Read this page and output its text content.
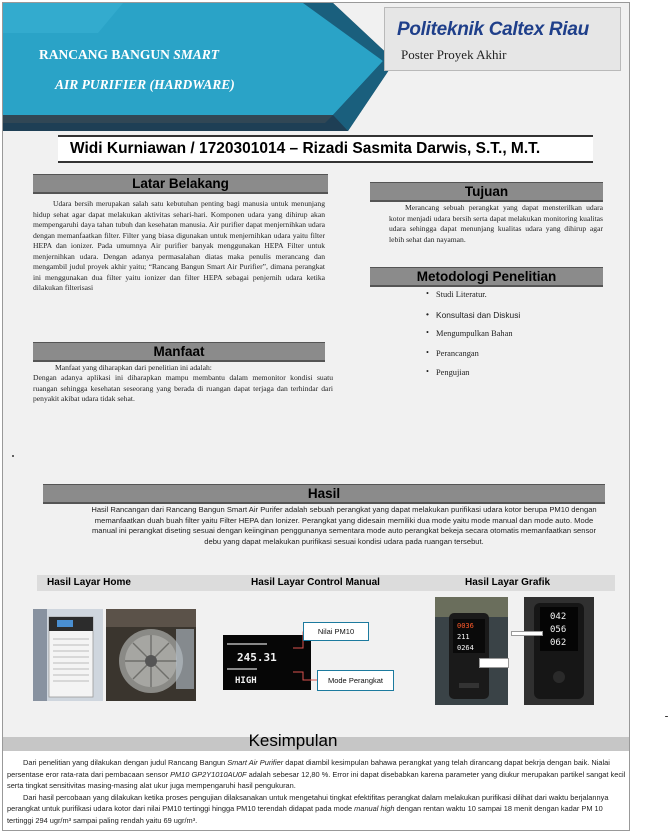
RANCANG BANGUN SMART
AIR PURIFIER (HARDWARE)
Politeknik Caltex Riau
Poster Proyek Akhir
Widi Kurniawan / 1720301014 – Rizadi Sasmita Darwis, S.T., M.T.
Latar Belakang
Udara bersih merupakan salah satu kebutuhan penting bagi manusia untuk menunjang hidup sehat agar dapat melakukan aktivitas sehari-hari. Komponen udara yang dihirup akan mempengaruhi daya tahan tubuh dan kesehatan manusia. Air purifier dapat menjernihkan udara dengan memanfaatkan filter. Filter yang biasa digunakan untuk menjernihkan udara yaitu filter HEPA dan ionizer. Pada umumnya Air purifier banyak menggunakan HEPA Filter untuk menjernihkan udara. Dengan adanya permasalahan diatas maka penulis merancang dan mengambil judul proyek akhir yaitu; “Rancang Bangun Smart Air Purifier”, dimana perangkat ini menggunakan dua filter yaitu ionizer dan filter HEPA sebagai penjernih udara ketika dilakukan filterisasi
Manfaat
Manfaat yang diharapkan dari penelitian ini adalah:
Dengan adanya aplikasi ini diharapkan mampu membantu dalam memonitor kondisi suatu ruangan sehingga kesehatan seseorang yang berada di ruangan dapat terjaga dan terhindar dari penyakit akibat udara tidak sehat.
Tujuan
Merancang sebuah perangkat yang dapat mensterilkan udara kotor menjadi udara bersih serta dapat melakukan monitoring kualitas udara sehingga dapat menunjang kualitas udara yang dihirup agar lebih sehat dan nayaman.
Metodologi Penelitian
• Studi Literatur.
• Konsultasi dan Diskusi
• Mengumpulkan Bahan
• Perancangan
• Pengujian
Hasil
Hasil Rancangan dari Rancang Bangun Smart Air Purifer adalah sebuah perangkat yang dapat melakukan purifikasi udara kotor berupa PM10 dengan memanfaatkan duah buah filter yaitu Filter HEPA dan Ionizer. Perangkat yang didesain memiliki dua mode yaitu mode manual dan mode auto. Mode manual ini perangkat diseting sesuai dengan keiinginan penggunanya sementara mode auto perangkat bekeja secara otomatis memanfaatkan sensor debu yang dapat melakukan purifikasi sesuai kondisi udara pada ruangan tersebut.
Hasil Layar Home	Hasil Layar Control Manual	Hasil Layar Grafik
245.31
HIGH
Nilai PM10
Mode Perangkat
0036
211
0264
042
056
062
Kesimpulan
Dari penelitian yang dilakukan dengan judul Rancang Bangun Smart Air Purifier dapat diambil kesimpulan bahawa perangkat yang telah dirancang dapat bekrja dengan baik. Nialai persentase eror rata-rata dari pembacaan sensor PM10 GP2Y1010AU0F adalah sebesar 12,80 %. Error ini dapat disebabkan karena parameter yang diukur merupakan partikel sangat kecil serta tingkat sensitivitas masing-masing alat ukur juga mempengaruhi hasil pengukuran.
Dari hasil percobaan yang dilakukan ketika proses pengujian dilaksanakan untuk mengetahui tingkat efektifitas perangkat dalam melakukan purifikasi dilihat dari waktu berjalannya perangkat untuk purifikasi udara kotor dari nilai PM10 tertinggi hingga PM10 terendah didapat pada mode manual high dengan rentan waktu 10 sampai 18 menit dengan kadar PM 10 tertinggi 294 ugr/m³ sampai paling rendah yaitu 69 ugr/m³.
